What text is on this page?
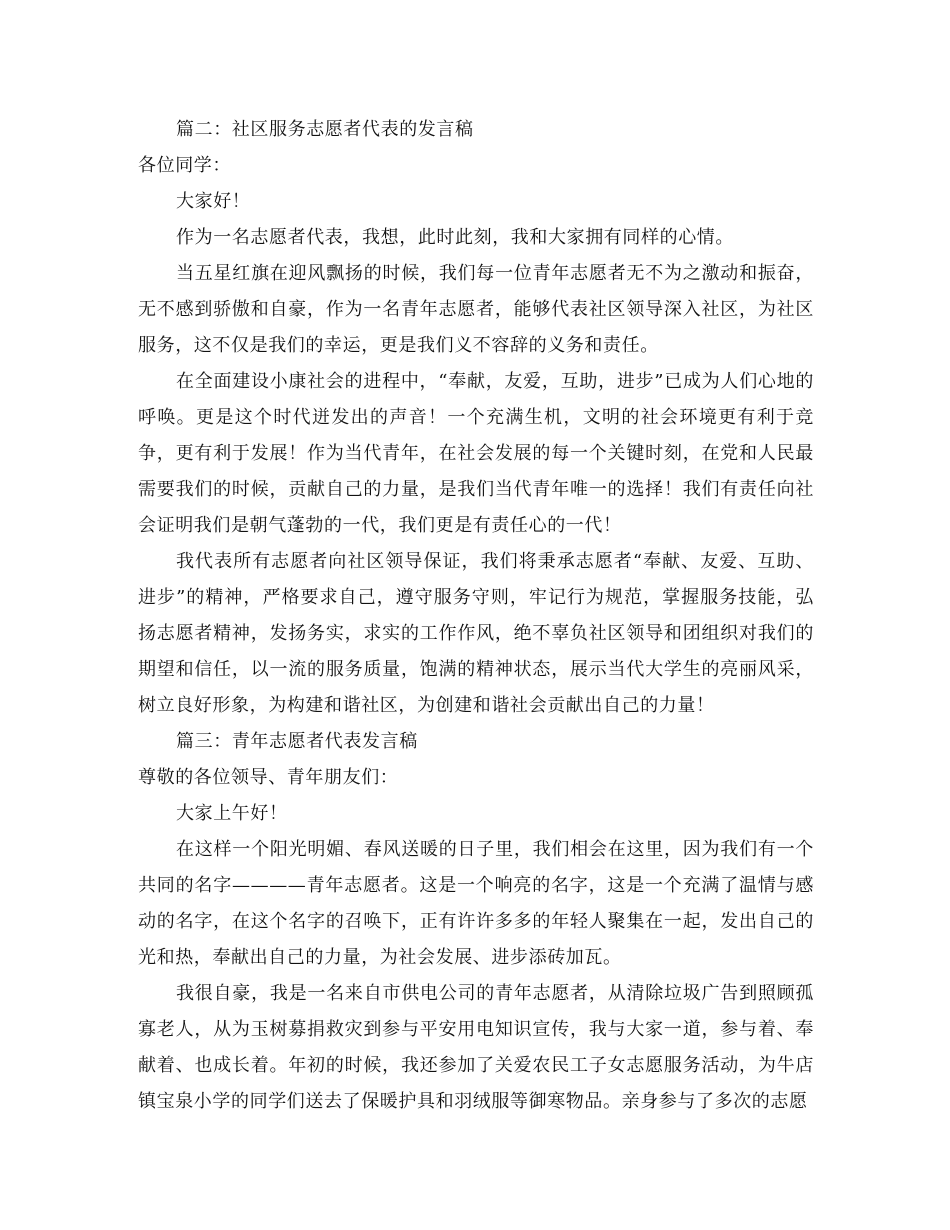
篇二：社区服务志愿者代表的发言稿

各位同学：

大家好！

作为一名志愿者代表，我想，此时此刻，我和大家拥有同样的心情。

当五星红旗在迎风飘扬的时候，我们每一位青年志愿者无不为之激动和振奋，无不感到骄傲和自豪，作为一名青年志愿者，能够代表社区领导深入社区，为社区服务，这不仅是我们的幸运，更是我们义不容辞的义务和责任。

在全面建设小康社会的进程中，“奉献，友爱，互助，进步”已成为人们心地的呼唤。更是这个时代迸发出的声音！一个充满生机，文明的社会环境更有利于竞争，更有利于发展！作为当代青年，在社会发展的每一个关键时刻，在党和人民最需要我们的时候，贡献自己的力量，是我们当代青年唯一的选择！我们有责任向社会证明我们是朝气蓬勃的一代，我们更是有责任心的一代！

我代表所有志愿者向社区领导保证，我们将秉承志愿者“奉献、友爱、互助、进步”的精神，严格要求自己，遵守服务守则，牢记行为规范，掌握服务技能，弘扬志愿者精神，发扬务实，求实的工作作风，绝不辜负社区领导和团组织对我们的期望和信任，以一流的服务质量，饱满的精神状态，展示当代大学生的亮丽风采，树立良好形象，为构建和谐社区，为创建和谐社会贡献出自己的力量！

篇三：青年志愿者代表发言稿

尊敬的各位领导、青年朋友们：

大家上午好！

在这样一个阳光明媚、春风送暖的日子里，我们相会在这里，因为我们有一个共同的名字————青年志愿者。这是一个响亮的名字，这是一个充满了温情与感动的名字，在这个名字的召唤下，正有许许多多的年轻人聚集在一起，发出自己的光和热，奉献出自己的力量，为社会发展、进步添砖加瓦。

我很自豪，我是一名来自市供电公司的青年志愿者，从清除垃圾广告到照顾孤寡老人，从为玉树募捐救灾到参与平安用电知识宣传，我与大家一道，参与着、奉献着、也成长着。年初的时候，我还参加了关爱农民工子女志愿服务活动，为牛店镇宝泉小学的同学们送去了保暖护具和羽绒服等御寒物品。亲身参与了多次的志愿
